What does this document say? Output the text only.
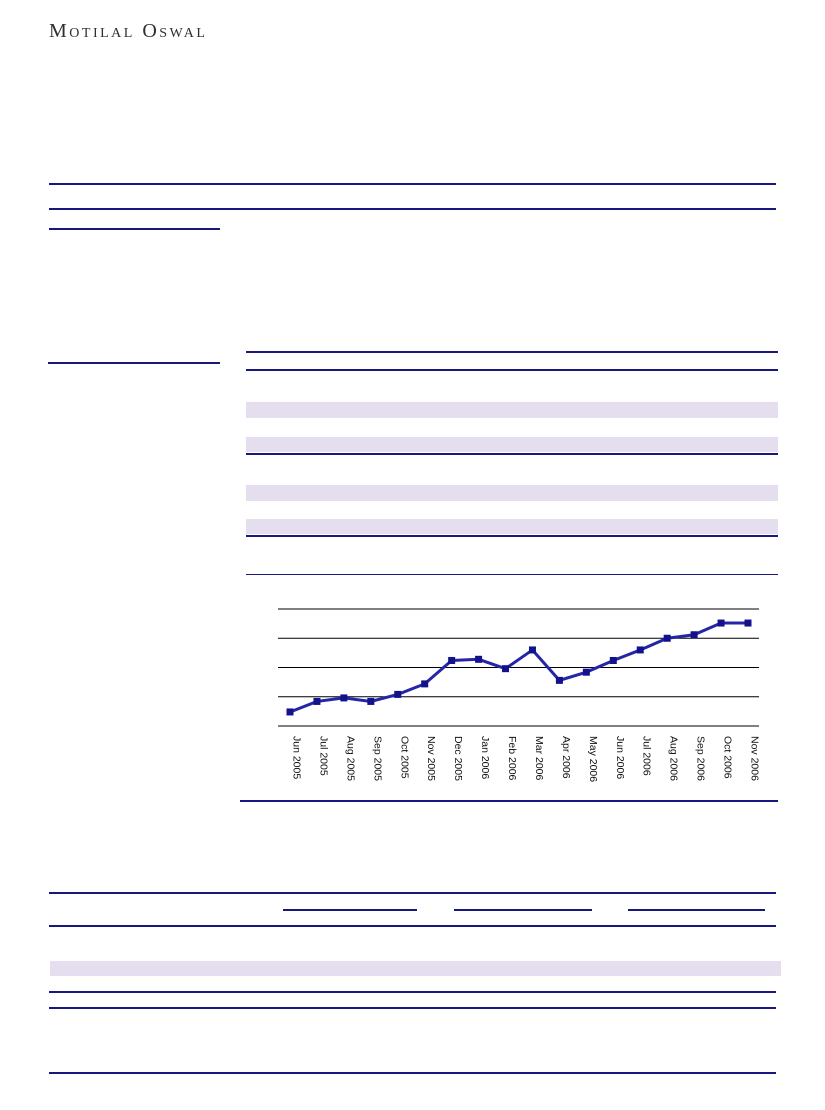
Motilal Oswal
Jun 2005 Jul 2005 Aug 2005 Sep 2005 Oct 2005 Nov 2005 Dec 2005 Jan 2006 Feb 2006 Mar 2006 Apr 2006 May 2006 Jun 2006 Jul 2006 Aug 2006 Sep 2006 Oct 2006 Nov 2006
